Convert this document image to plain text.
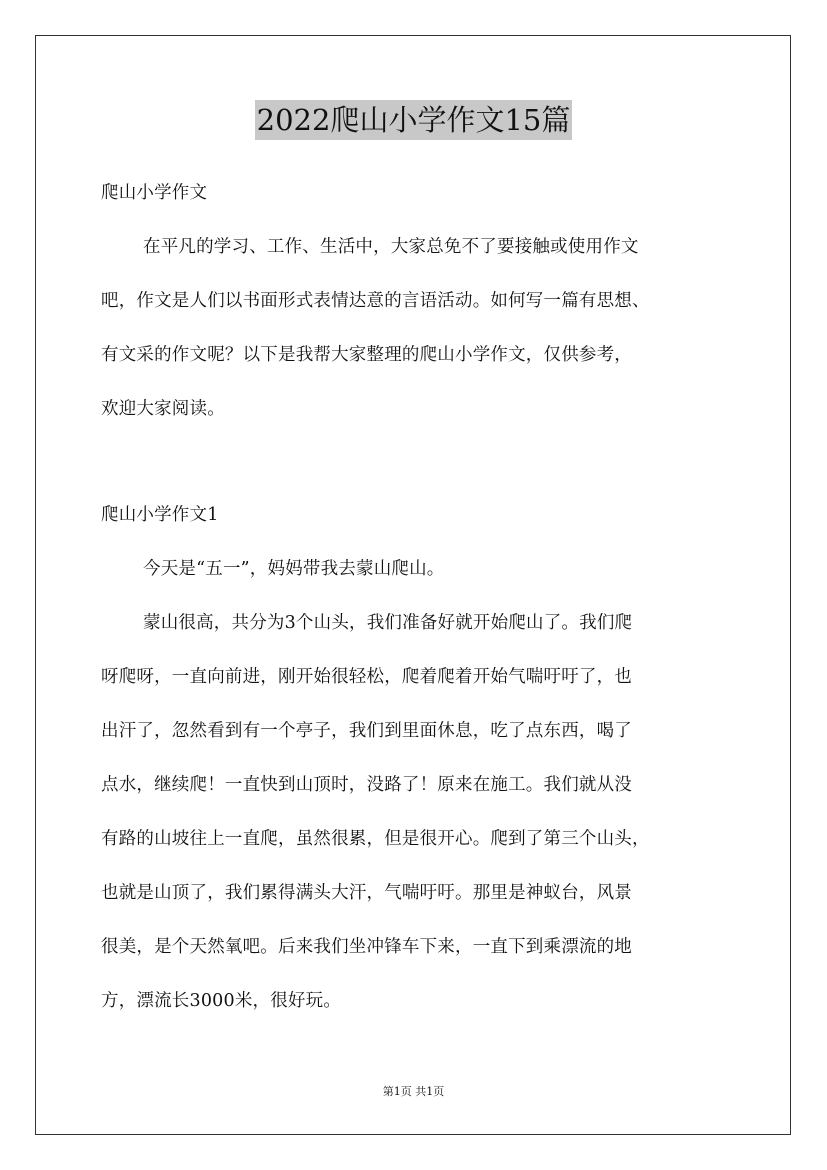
2022爬山小学作文15篇
爬山小学作文
在平凡的学习、工作、生活中，大家总免不了要接触或使用作文
吧，作文是人们以书面形式表情达意的言语活动。如何写一篇有思想、
有文采的作文呢？以下是我帮大家整理的爬山小学作文，仅供参考，
欢迎大家阅读。
爬山小学作文1
今天是“五一”，妈妈带我去蒙山爬山。
蒙山很高，共分为3个山头，我们准备好就开始爬山了。我们爬
呀爬呀，一直向前进，刚开始很轻松，爬着爬着开始气喘吁吁了，也
出汗了，忽然看到有一个亭子，我们到里面休息，吃了点东西，喝了
点水，继续爬！一直快到山顶时，没路了！原来在施工。我们就从没
有路的山坡往上一直爬，虽然很累，但是很开心。爬到了第三个山头，
也就是山顶了，我们累得满头大汗，气喘吁吁。那里是神蚁台，风景
很美，是个天然氧吧。后来我们坐冲锋车下来，一直下到乘漂流的地
方，漂流长3000米，很好玩。
第1页 共1页
